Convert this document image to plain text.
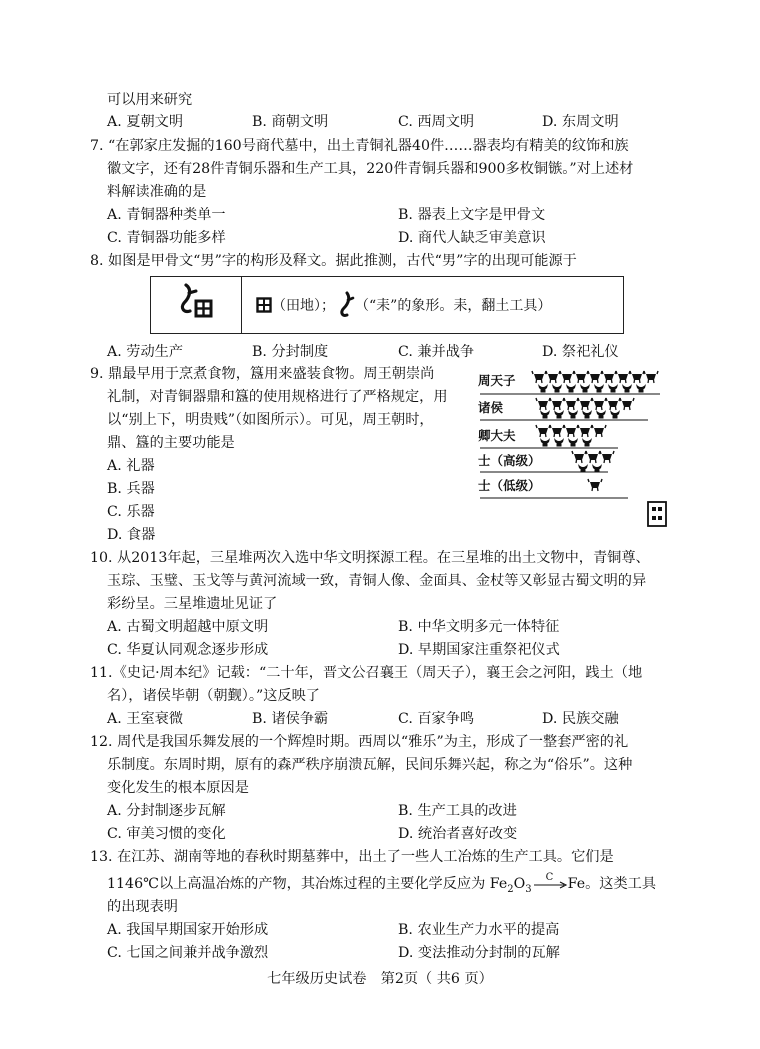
可以用来研究
A. 夏朝文明	B. 商朝文明	C. 西周文明	D. 东周文明
7. “在郭家庄发掘的160号商代墓中，出土青铜礼器40件……器表均有精美的纹饰和族
徽文字，还有28件青铜乐器和生产工具，220件青铜兵器和900多枚铜镞。”对上述材
料解读准确的是
A. 青铜器种类单一	B. 器表上文字是甲骨文
C. 青铜器功能多样	D. 商代人缺乏审美意识
8. 如图是甲骨文“男”字的构形及释文。据此推测，古代“男”字的出现可能源于
	（田地）； （“耒”的象形。耒，翻土工具）
A. 劳动生产	B. 分封制度	C. 兼并战争	D. 祭祀礼仪
9. 鼎最早用于烹煮食物，簋用来盛装食物。周王朝崇尚
礼制，对青铜器鼎和簋的使用规格进行了严格规定，用
以“别上下，明贵贱”（如图所示）。可见，周王朝时，
鼎、簋的主要功能是
A. 礼器
B. 兵器
C. 乐器
D. 食器
周天子
诸侯
卿大夫
士（高级）
士（低级）
10. 从2013年起，三星堆两次入选中华文明探源工程。在三星堆的出土文物中，青铜尊、
玉琮、玉璧、玉戈等与黄河流域一致，青铜人像、金面具、金杖等又彰显古蜀文明的异
彩纷呈。三星堆遗址见证了
A. 古蜀文明超越中原文明	B. 中华文明多元一体特征
C. 华夏认同观念逐步形成	D. 早期国家注重祭祀仪式
11.《史记·周本纪》记载：“二十年，晋文公召襄王（周天子），襄王会之河阳，践土（地
名），诸侯毕朝（朝觐）。”这反映了
A. 王室衰微	B. 诸侯争霸	C. 百家争鸣	D. 民族交融
12. 周代是我国乐舞发展的一个辉煌时期。西周以“雅乐”为主，形成了一整套严密的礼
乐制度。东周时期，原有的森严秩序崩溃瓦解，民间乐舞兴起，称之为“俗乐”。这种
变化发生的根本原因是
A. 分封制逐步瓦解	B. 生产工具的改进
C. 审美习惯的变化	D. 统治者喜好改变
13. 在江苏、湖南等地的春秋时期墓葬中，出土了一些人工冶炼的生产工具。它们是
1146℃以上高温冶炼的产物，其冶炼过程的主要化学反应为 $Fe_2O_3$
C Fe。这类工具
的出现表明
A. 我国早期国家开始形成	B. 农业生产力水平的提高
C. 七国之间兼并战争激烈	D. 变法推动分封制的瓦解
七年级历史试卷　第2页（ 共6 页）
